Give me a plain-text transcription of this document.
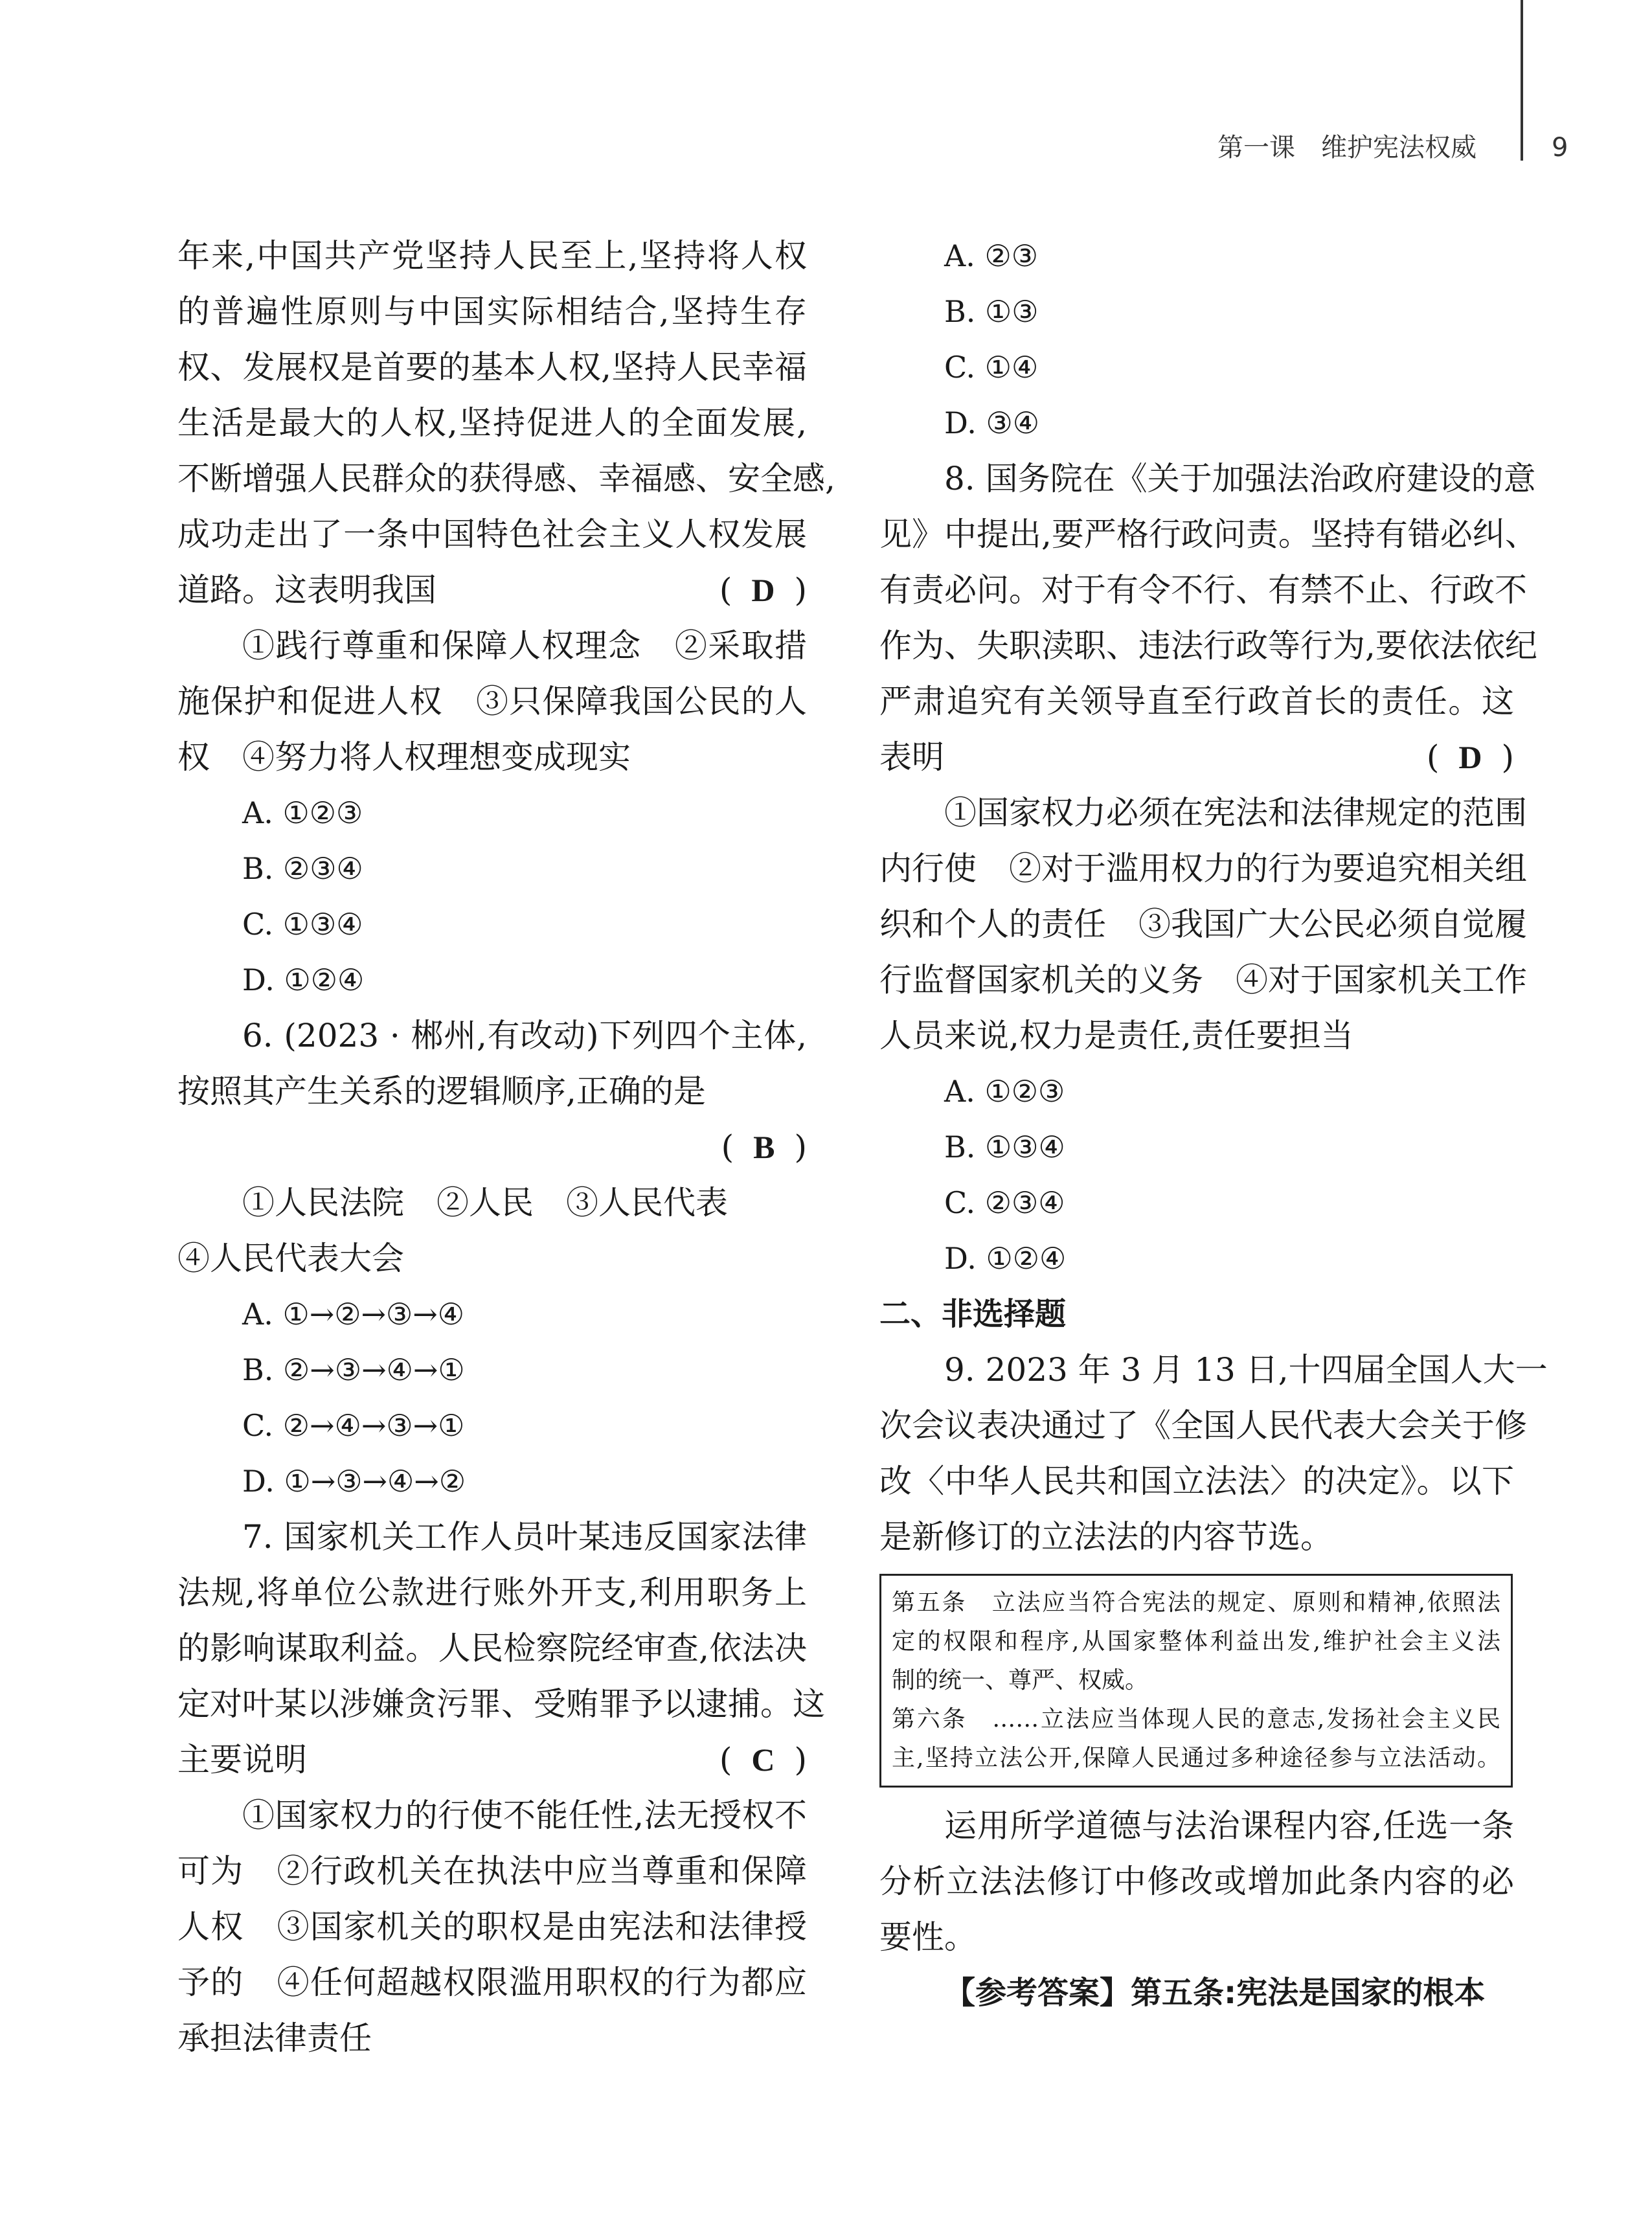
第一课　维护宪法权威	9
年来,中国共产党坚持人民至上,坚持将人权
的普遍性原则与中国实际相结合,坚持生存
权、发展权是首要的基本人权,坚持人民幸福
生活是最大的人权,坚持促进人的全面发展,
不断增强人民群众的获得感、幸福感、安全感,
成功走出了一条中国特色社会主义人权发展
道路。这表明我国	( D )
①践行尊重和保障人权理念　②采取措
施保护和促进人权　③只保障我国公民的人
权　④努力将人权理想变成现实
A. ①②③
B. ②③④
C. ①③④
D. ①②④
6. (2023 · 郴州,有改动)下列四个主体,
按照其产生关系的逻辑顺序,正确的是
( B )
①人民法院　②人民　③人民代表
④人民代表大会
A. ①→②→③→④
B. ②→③→④→①
C. ②→④→③→①
D. ①→③→④→②
7. 国家机关工作人员叶某违反国家法律
法规,将单位公款进行账外开支,利用职务上
的影响谋取利益。人民检察院经审查,依法决
定对叶某以涉嫌贪污罪、受贿罪予以逮捕。这
主要说明	( C )
①国家权力的行使不能任性,法无授权不
可为　②行政机关在执法中应当尊重和保障
人权　③国家机关的职权是由宪法和法律授
予的　④任何超越权限滥用职权的行为都应
承担法律责任
A. ②③
B. ①③
C. ①④
D. ③④
8. 国务院在《关于加强法治政府建设的意
见》中提出,要严格行政问责。坚持有错必纠、
有责必问。对于有令不行、有禁不止、行政不
作为、失职渎职、违法行政等行为,要依法依纪
严肃追究有关领导直至行政首长的责任。这
表明	( D )
①国家权力必须在宪法和法律规定的范围
内行使　②对于滥用权力的行为要追究相关组
织和个人的责任　③我国广大公民必须自觉履
行监督国家机关的义务　④对于国家机关工作
人员来说,权力是责任,责任要担当
A. ①②③
B. ①③④
C. ②③④
D. ①②④
二、非选择题
9. 2023 年 3 月 13 日,十四届全国人大一
次会议表决通过了《全国人民代表大会关于修
改〈中华人民共和国立法法〉的决定》。以下
是新修订的立法法的内容节选。
第五条　立法应当符合宪法的规定、原则和精神,依照法
定的权限和程序,从国家整体利益出发,维护社会主义法
制的统一、尊严、权威。
第六条　……立法应当体现人民的意志,发扬社会主义民
主,坚持立法公开,保障人民通过多种途径参与立法活动。
运用所学道德与法治课程内容,任选一条
分析立法法修订中修改或增加此条内容的必
要性。
【参考答案】第五条:宪法是国家的根本
